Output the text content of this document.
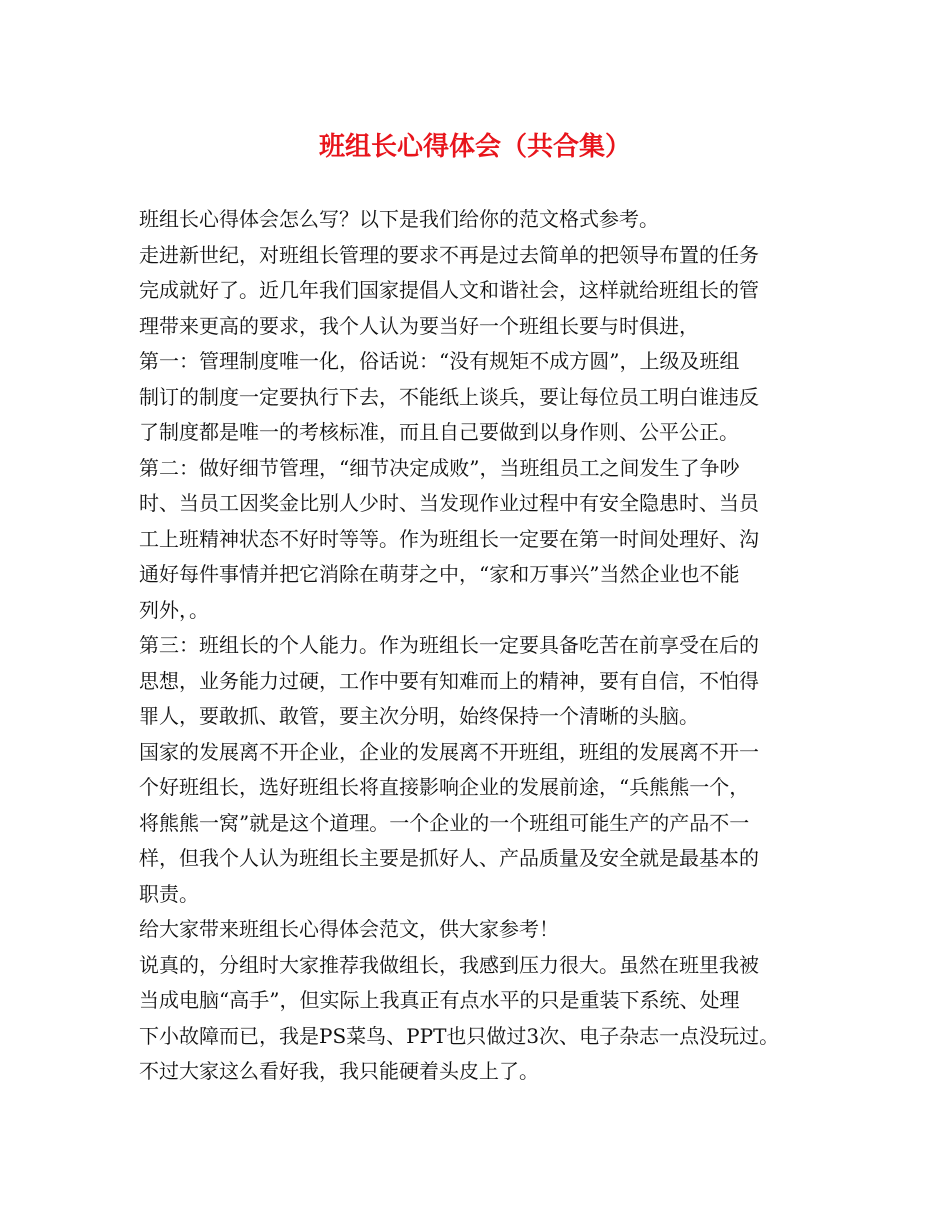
班组长心得体会（共合集）
班组长心得体会怎么写？以下是我们给你的范文格式参考。
走进新世纪，对班组长管理的要求不再是过去简单的把领导布置的任务
完成就好了。近几年我们国家提倡人文和谐社会，这样就给班组长的管
理带来更高的要求，我个人认为要当好一个班组长要与时俱进，
第一：管理制度唯一化，俗话说：“没有规矩不成方圆”，上级及班组
制订的制度一定要执行下去，不能纸上谈兵，要让每位员工明白谁违反
了制度都是唯一的考核标准，而且自己要做到以身作则、公平公正。
第二：做好细节管理，“细节决定成败”，当班组员工之间发生了争吵
时、当员工因奖金比别人少时、当发现作业过程中有安全隐患时、当员
工上班精神状态不好时等等。作为班组长一定要在第一时间处理好、沟
通好每件事情并把它消除在萌芽之中，“家和万事兴”当然企业也不能
列外，。
第三：班组长的个人能力。作为班组长一定要具备吃苦在前享受在后的
思想，业务能力过硬，工作中要有知难而上的精神，要有自信，不怕得
罪人，要敢抓、敢管，要主次分明，始终保持一个清晰的头脑。
国家的发展离不开企业，企业的发展离不开班组，班组的发展离不开一
个好班组长，选好班组长将直接影响企业的发展前途，“兵熊熊一个，
将熊熊一窝”就是这个道理。一个企业的一个班组可能生产的产品不一
样，但我个人认为班组长主要是抓好人、产品质量及安全就是最基本的
职责。
给大家带来班组长心得体会范文，供大家参考！
说真的，分组时大家推荐我做组长，我感到压力很大。虽然在班里我被
当成电脑“高手”，但实际上我真正有点水平的只是重装下系统、处理
下小故障而已，我是PS菜鸟、PPT也只做过3次、电子杂志一点没玩过。
不过大家这么看好我，我只能硬着头皮上了。
